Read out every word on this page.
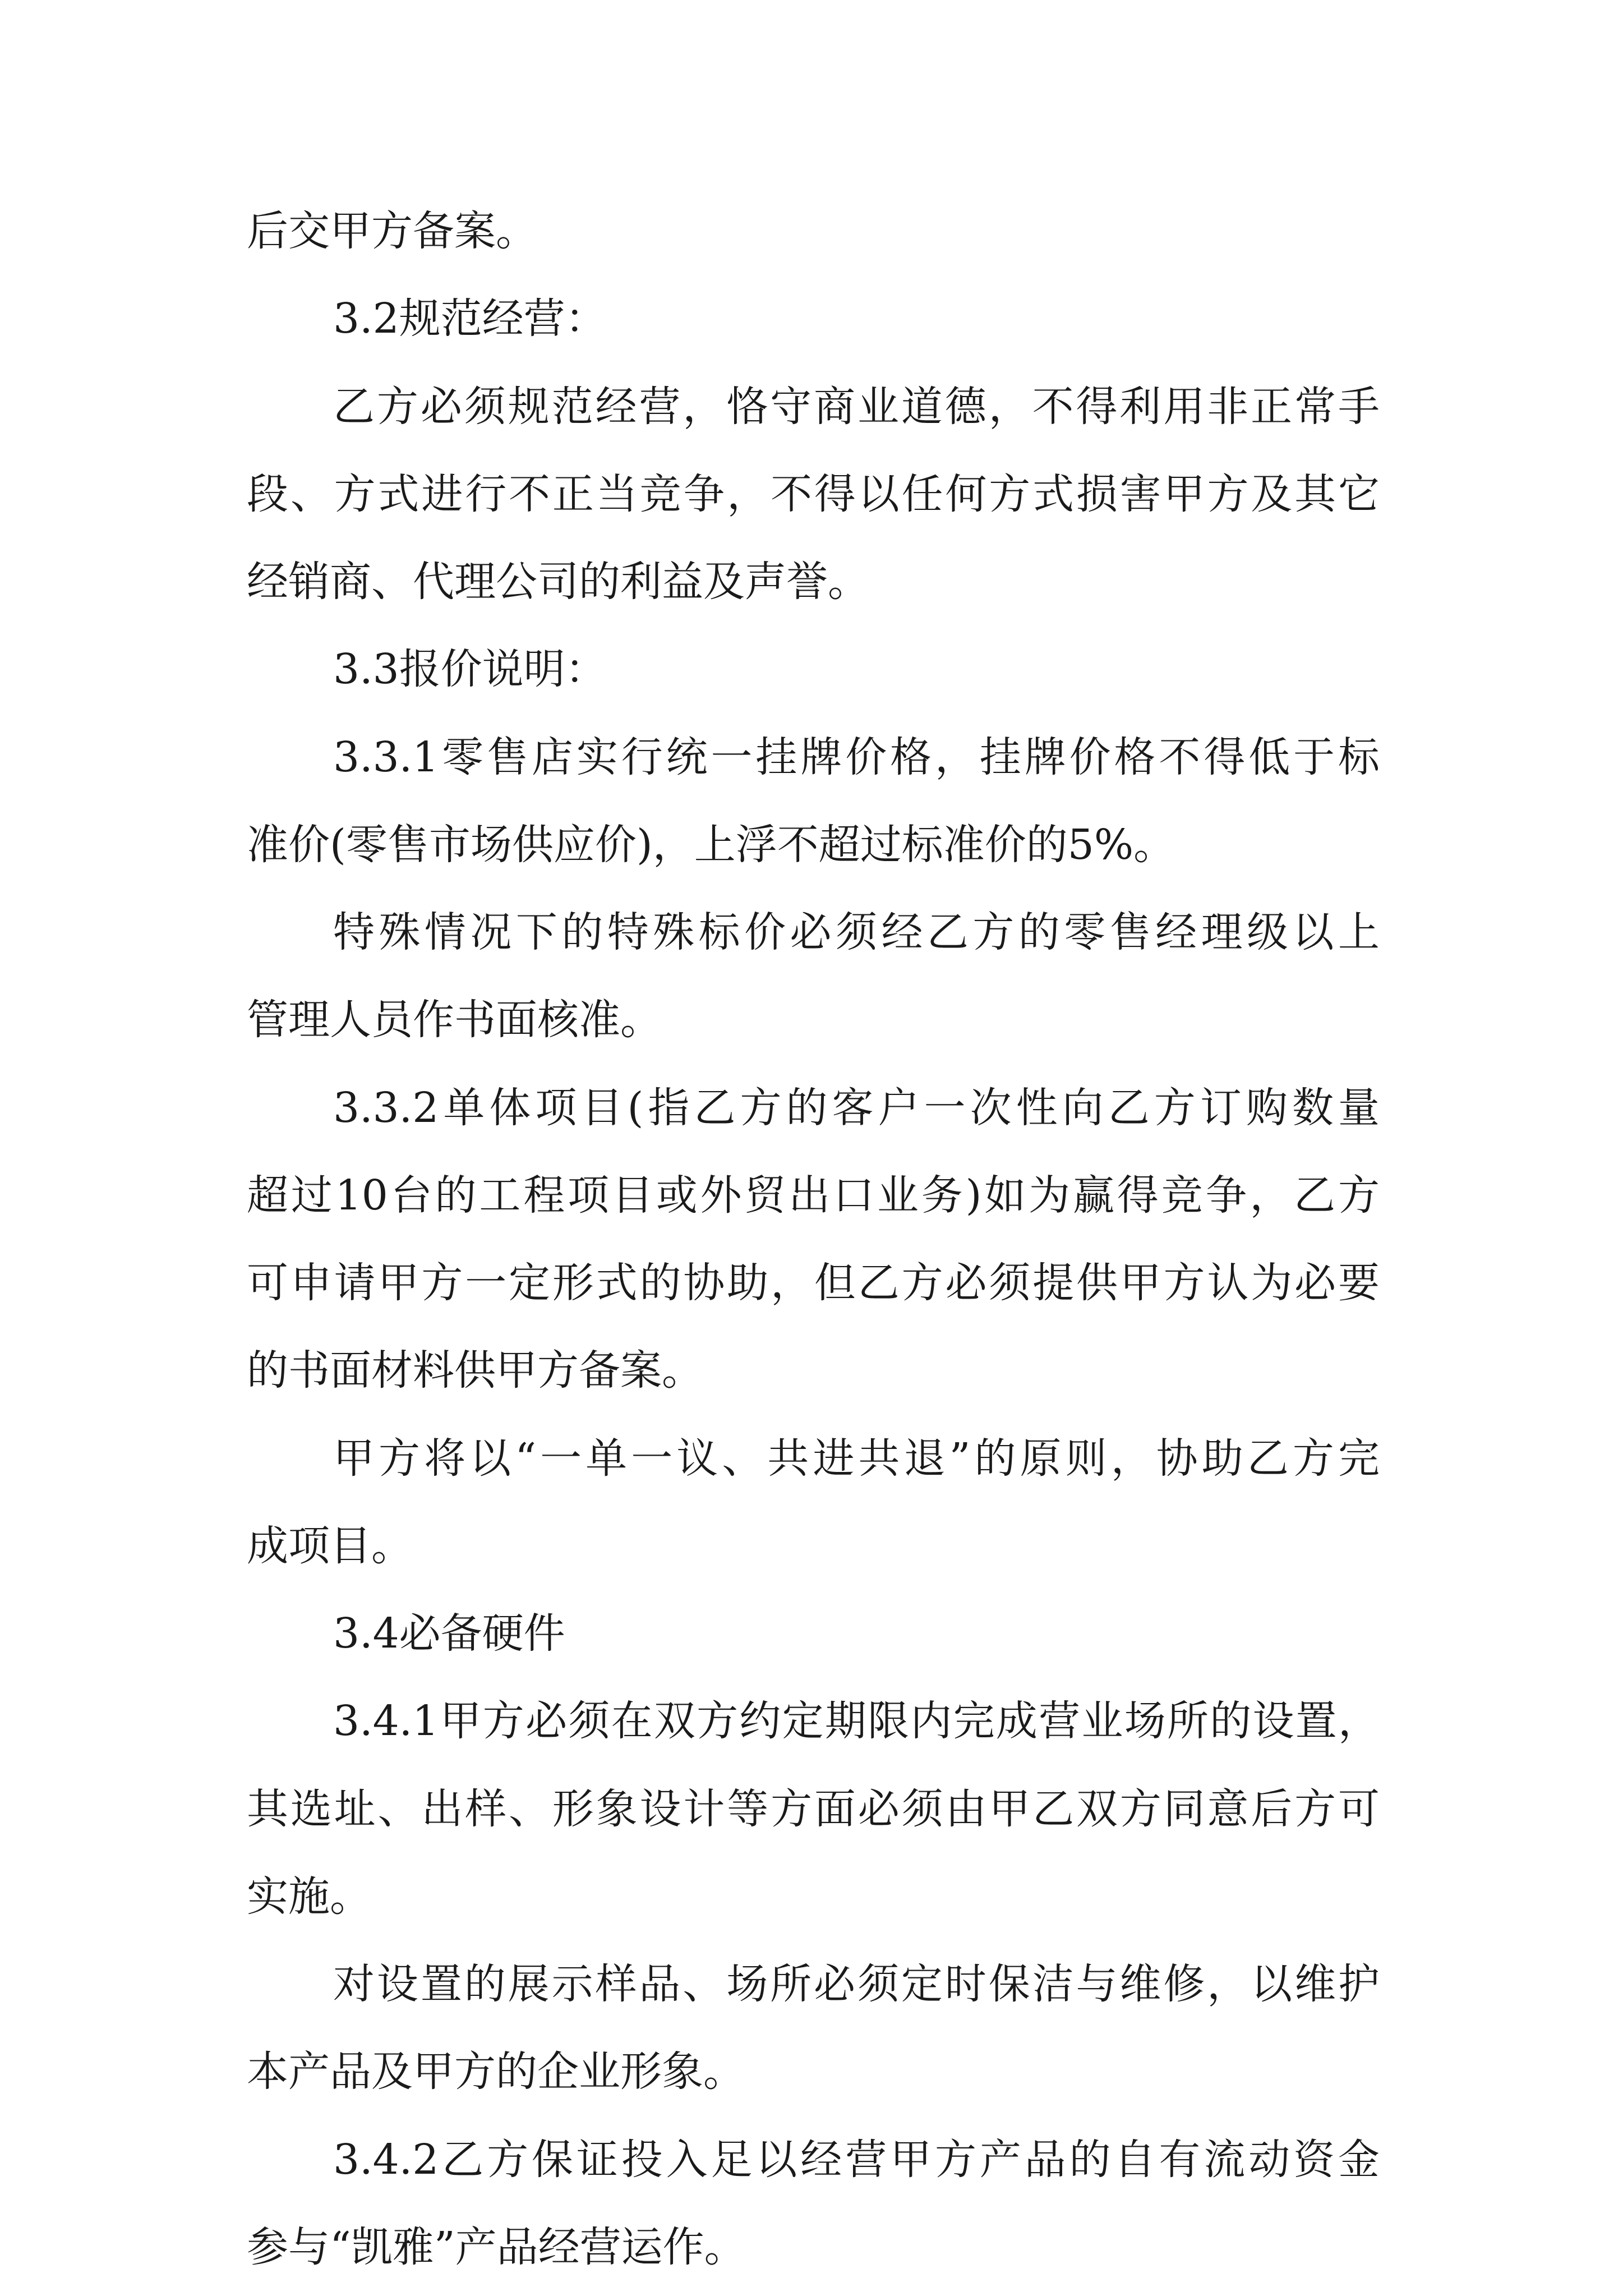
后交甲方备案。
3.2规范经营：
乙方必须规范经营，恪守商业道德，不得利用非正常手
段、方式进行不正当竞争，不得以任何方式损害甲方及其它
经销商、代理公司的利益及声誉。
3.3报价说明：
3.3.1零售店实行统一挂牌价格，挂牌价格不得低于标
准价(零售市场供应价)，上浮不超过标准价的5%。
特殊情况下的特殊标价必须经乙方的零售经理级以上
管理人员作书面核准。
3.3.2单体项目(指乙方的客户一次性向乙方订购数量
超过10台的工程项目或外贸出口业务)如为赢得竞争，乙方
可申请甲方一定形式的协助，但乙方必须提供甲方认为必要
的书面材料供甲方备案。
甲方将以“一单一议、共进共退”的原则，协助乙方完
成项目。
3.4必备硬件
3.4.1甲方必须在双方约定期限内完成营业场所的设置，
其选址、出样、形象设计等方面必须由甲乙双方同意后方可
实施。
对设置的展示样品、场所必须定时保洁与维修，以维护
本产品及甲方的企业形象。
3.4.2乙方保证投入足以经营甲方产品的自有流动资金
参与“凯雅”产品经营运作。
